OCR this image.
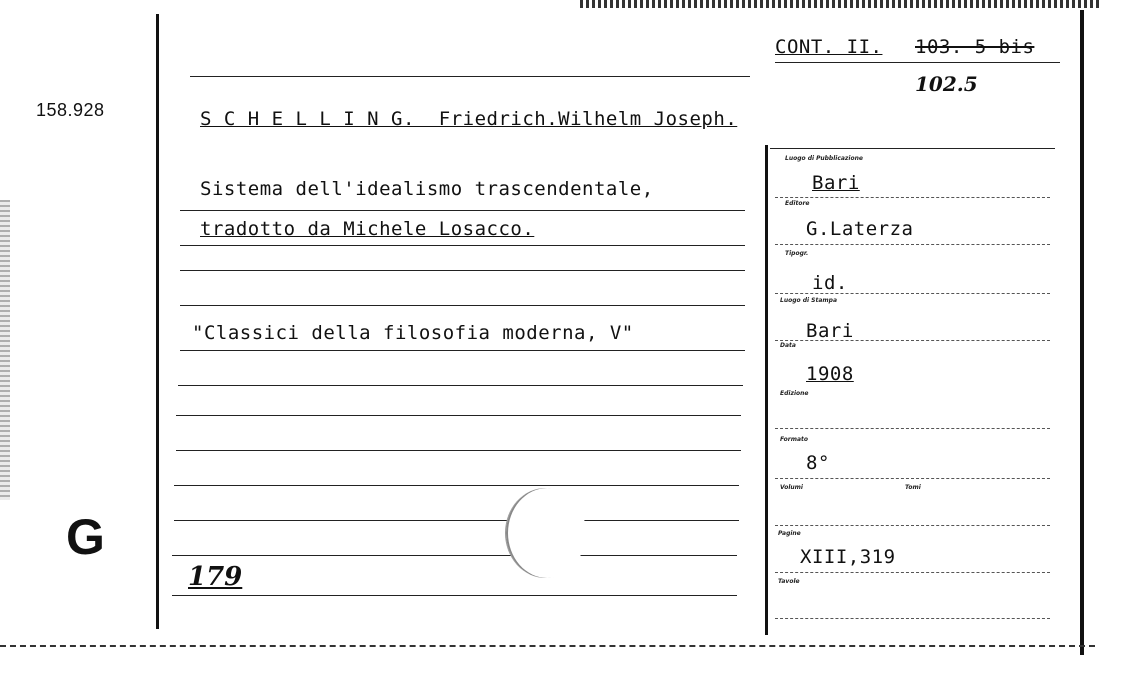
158.928
G
CONT. II. 103. 5 bis
102.5
S C H E L L I N G.  Friedrich.Wilhelm Joseph.
Sistema dell'idealismo trascendentale,
tradotto da Michele Losacco.
"Classici della filosofia moderna, V"
179
Luogo di Pubblicazione
Bari
Editore
G.Laterza
Tipogr.
id.
Luogo di Stampa
Bari
Data
1908
Edizione
Formato
8°
Volumi	Tomi
Pagine
XIII,319
Tavole
